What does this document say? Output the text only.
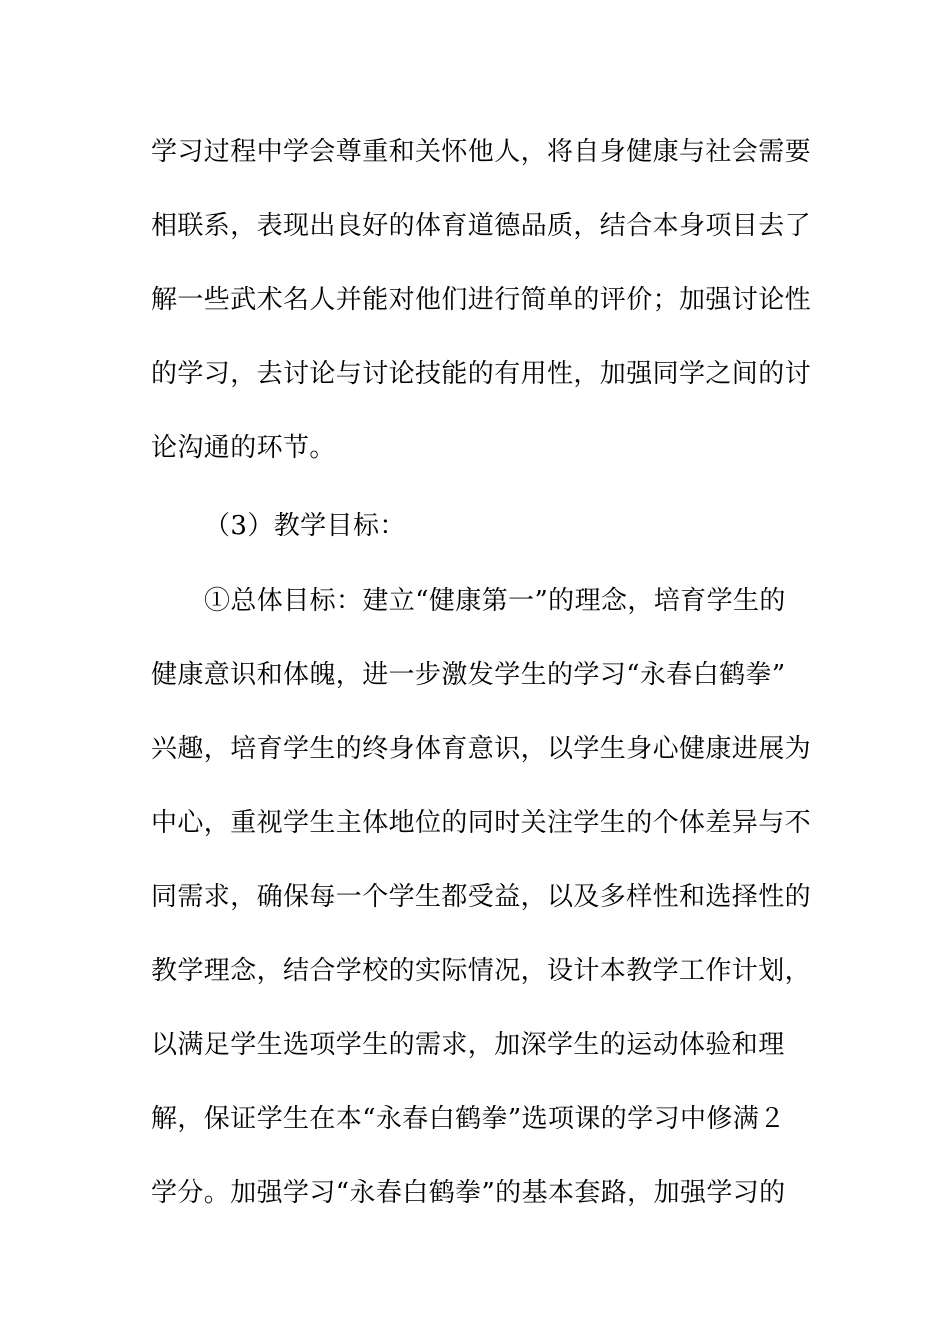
学习过程中学会尊重和关怀他人，将自身健康与社会需要
相联系，表现出良好的体育道德品质，结合本身项目去了
解一些武术名人并能对他们进行简单的评价；加强讨论性
的学习，去讨论与讨论技能的有用性，加强同学之间的讨
论沟通的环节。
（3）教学目标：
①总体目标：建立“健康第一”的理念，培育学生的
健康意识和体魄，进一步激发学生的学习“永春白鹤拳”
兴趣，培育学生的终身体育意识，以学生身心健康进展为
中心，重视学生主体地位的同时关注学生的个体差异与不
同需求，确保每一个学生都受益，以及多样性和选择性的
教学理念，结合学校的实际情况，设计本教学工作计划，
以满足学生选项学生的需求，加深学生的运动体验和理
解，保证学生在本“永春白鹤拳”选项课的学习中修满２
学分。加强学习“永春白鹤拳”的基本套路，加强学习的
